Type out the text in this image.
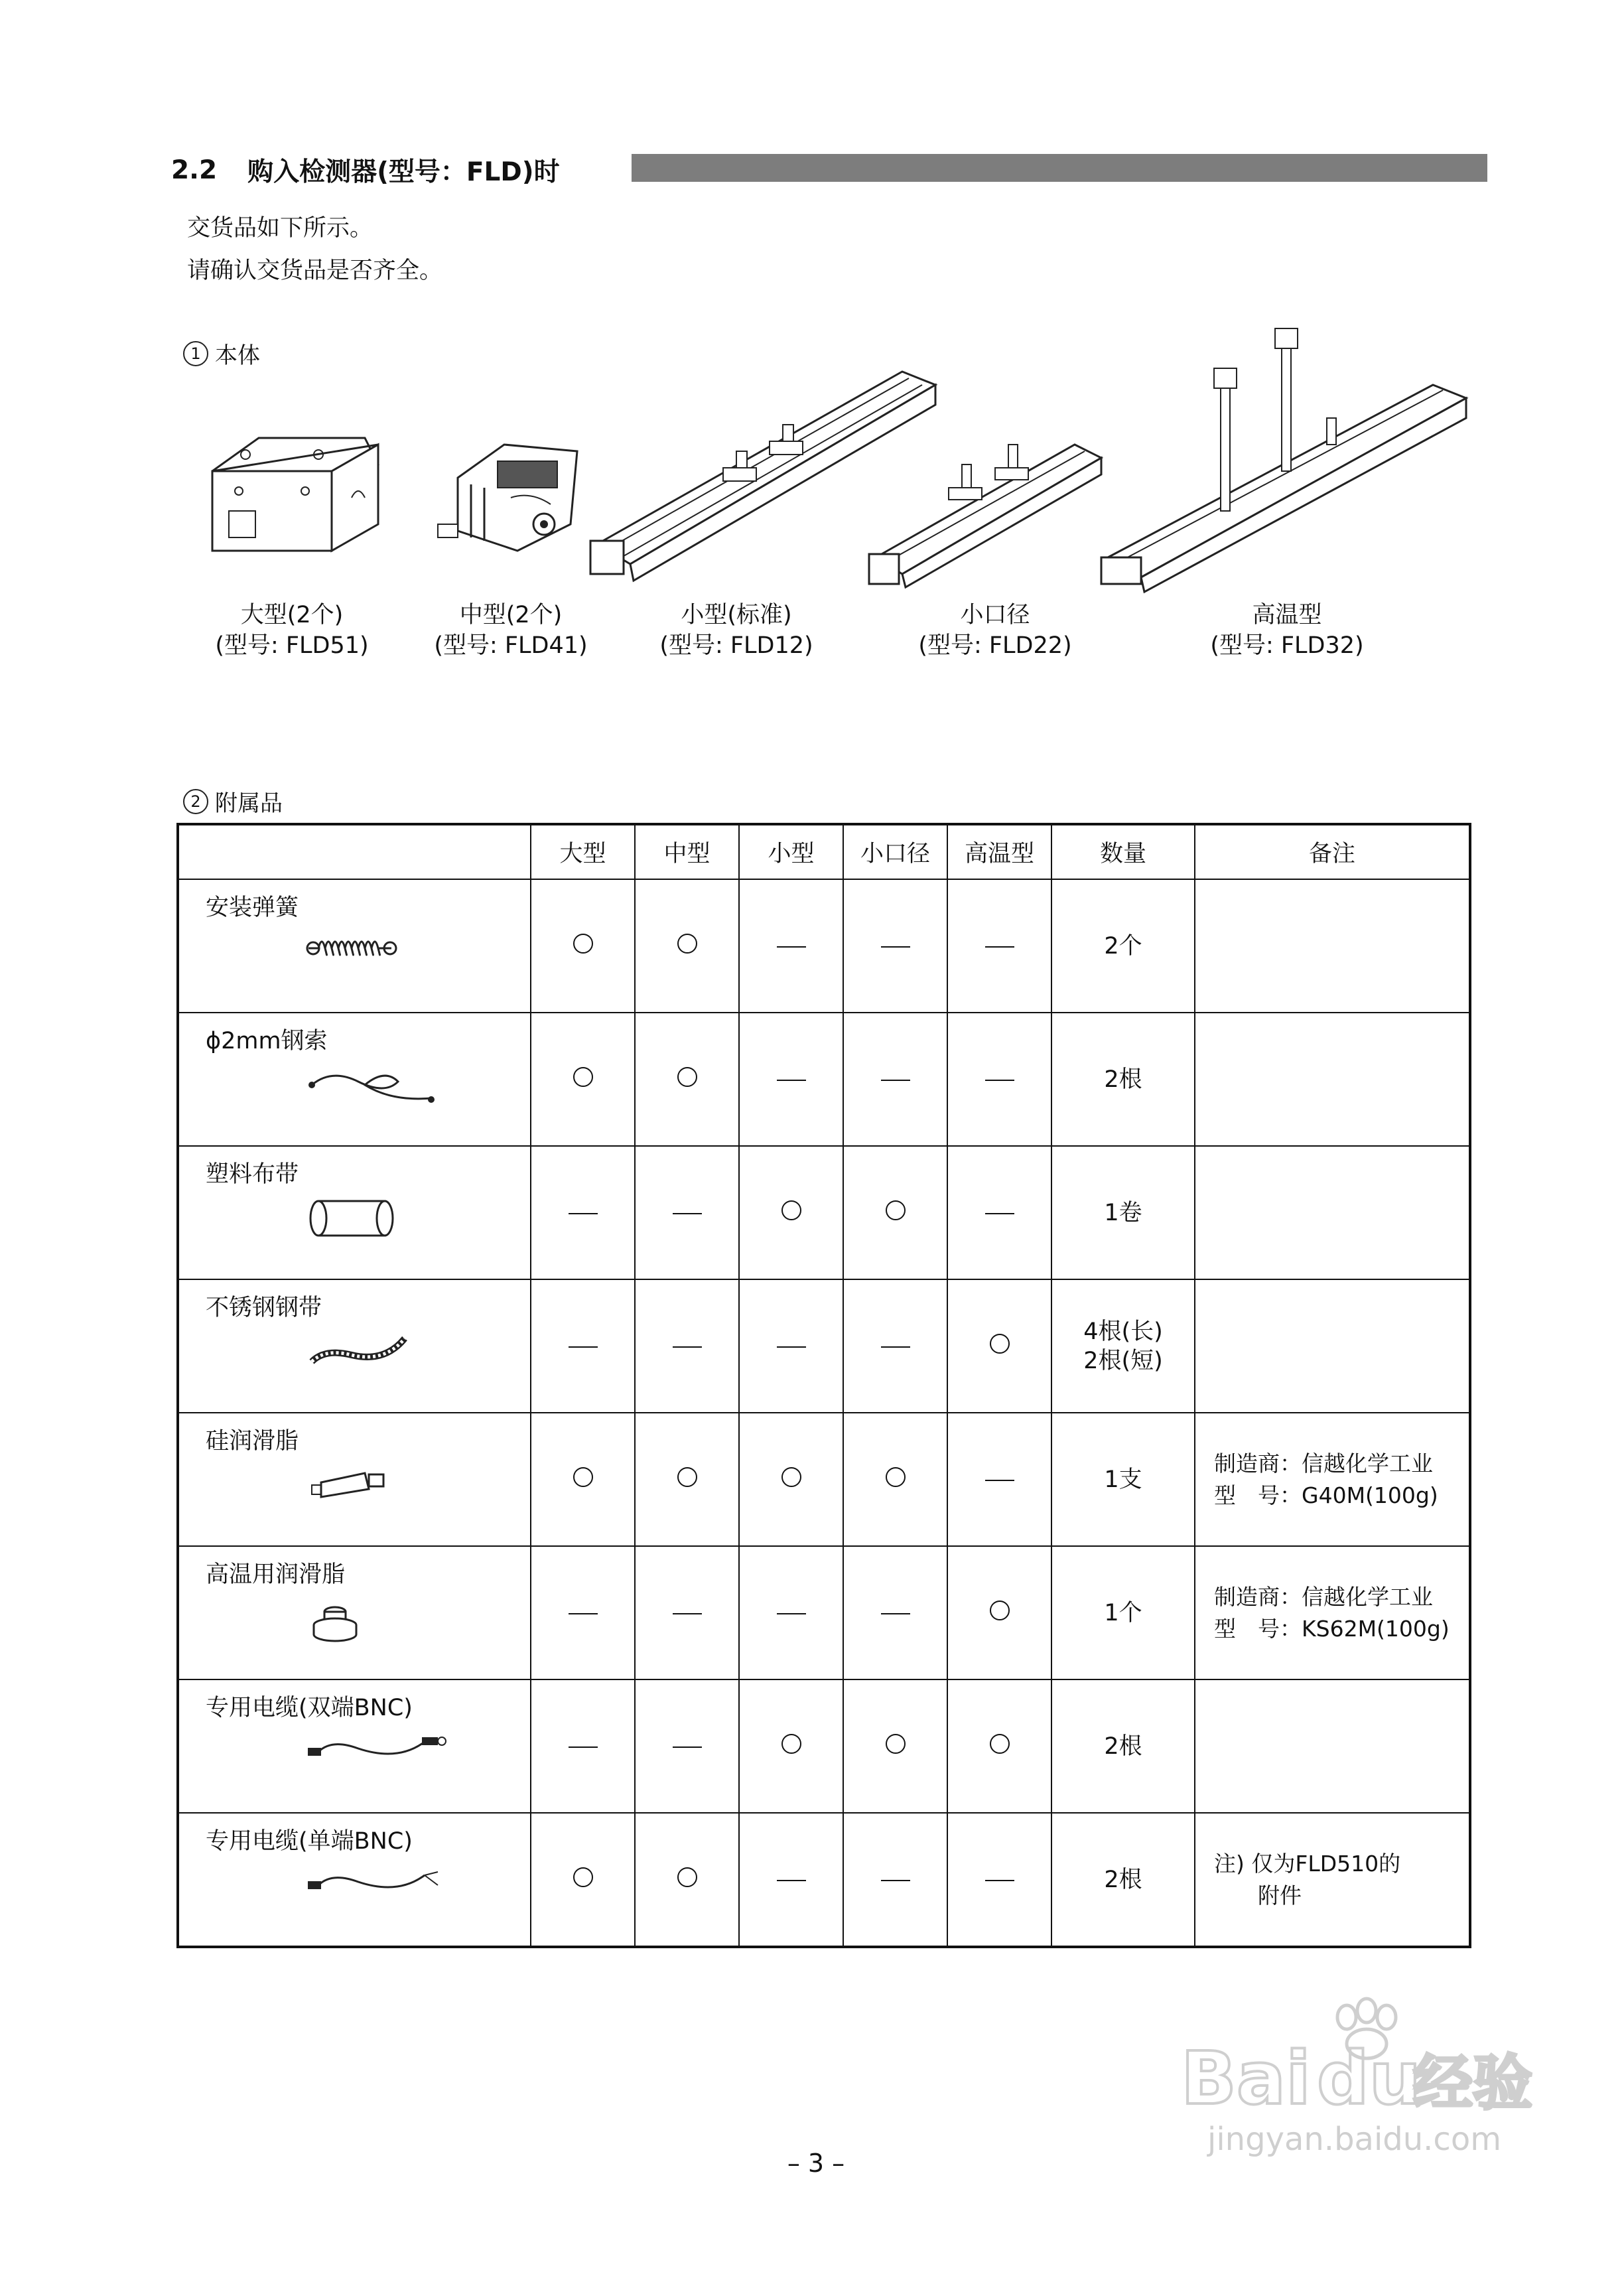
2.2 购入检测器(型号：FLD)时
交货品如下所示。
请确认交货品是否齐全。
1 本体
大型(2个)
(型号: FLD51)
中型(2个)
(型号: FLD41)
小型(标准)
(型号: FLD12)
小口径
(型号: FLD22)
高温型
(型号: FLD32)
2 附属品
	大型	中型	小型	小口径	高温型	数量	备注

安装弹簧						2个	

ϕ2mm钢索						2根	

塑料布带						1卷	

不锈钢钢带						4根(长)
2根(短)	

硅润滑脂						1支	制造商：信越化学工业
型　号：G40M(100g)

高温用润滑脂						1个	制造商：信越化学工业
型　号：KS62M(100g)

专用电缆(双端BNC)						2根	

专用电缆(单端BNC)						2根	注) 仅为FLD510的
　　附件
– 3 –
Bai du
经验
jingyan.baidu.com
